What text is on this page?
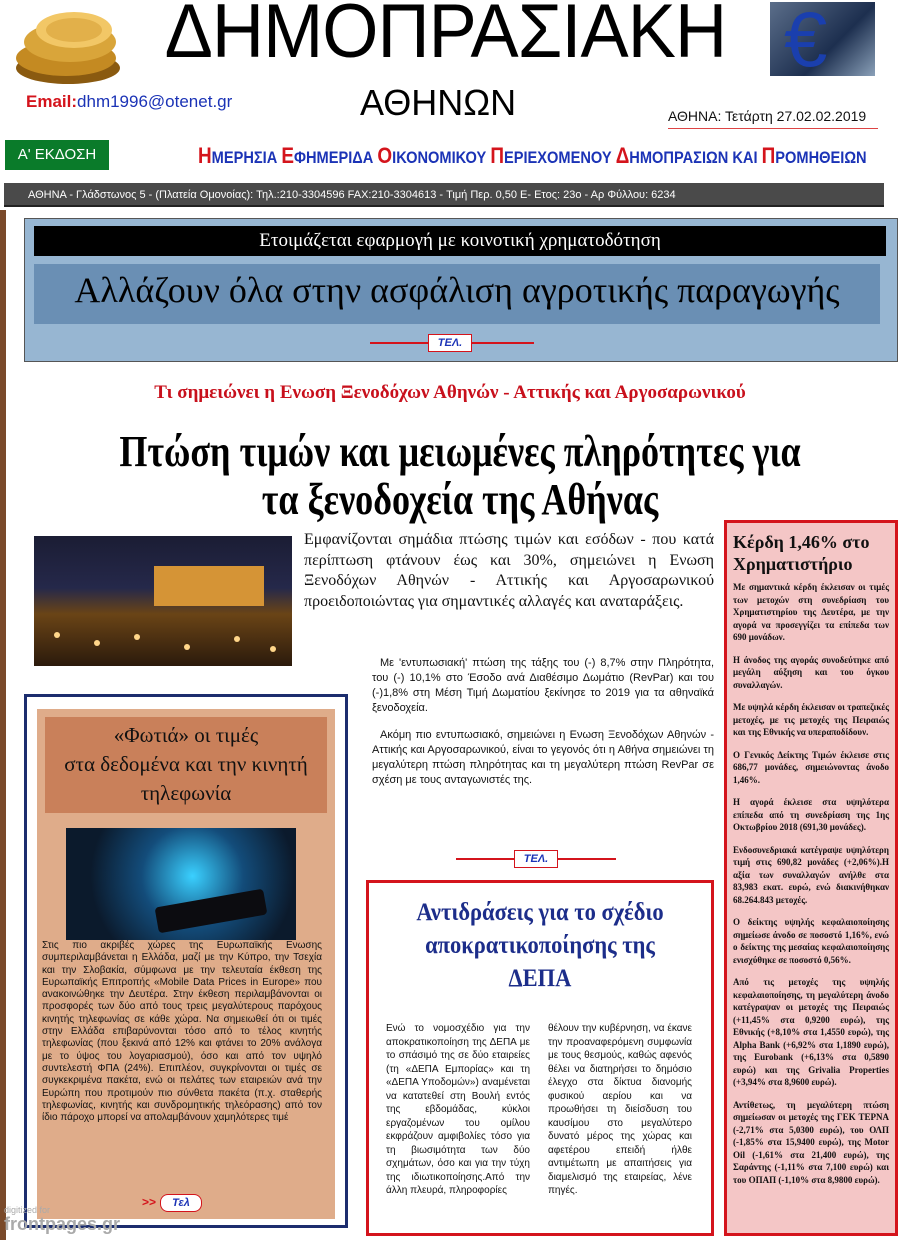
ΔΗΜΟΠΡΑΣΙΑΚΗ
ΑΘΗΝΩΝ
€
Email:dhm1996@otenet.gr
ΑΘΗΝΑ: Τετάρτη 27.02.02.2019
Α' ΕΚΔΟΣΗ	ΗΜΕΡΗΣΙΑ ΕΦΗΜΕΡΙΔΑ ΟΙΚΟΝΟΜΙΚΟΥ ΠΕΡΙΕΧΟΜΕΝΟΥ ΔΗΜΟΠΡΑΣΙΩΝ ΚΑΙ ΠΡΟΜΗΘΕΙΩΝ
ΑΘΗΝΑ - Γλάδστωνος 5 - (Πλατεία Ομονοίας): Τηλ.:210-3304596 FAX:210-3304613 - Τιμή Περ. 0,50 Ε- Ετος: 23ο - Αρ Φύλλου: 6234
Ετοιμάζεται εφαρμογή με κοινοτική χρηματοδότηση
Αλλάζουν όλα στην ασφάλιση αγροτικής παραγωγής
ΤΕΛ.
Τι σημειώνει η Ενωση Ξενοδόχων Αθηνών - Αττικής και Αργοσαρωνικού
Πτώση τιμών και μειωμένες πληρότητες για τα ξενοδοχεία της Αθήνας
Εμφανίζονται σημάδια πτώσης τιμών και εσόδων - που κατά περίπτωση φτάνουν έως και 30%, σημειώνει η Ενωση Ξενοδόχων Αθηνών - Αττικής και Αργοσαρωνικού προειδοποιώντας για σημαντικές αλλαγές και αναταράξεις.

Με 'εντυπωσιακή' πτώση της τάξης του (-) 8,7% στην Πληρότητα, του (-) 10,1% στο Έσοδο ανά Διαθέσιμο Δωμάτιο (RevPar) και του (-)1,8% στη Μέση Τιμή Δωματίου ξεκίνησε το 2019 για τα αθηναϊκά ξενοδοχεία.

Ακόμη πιο εντυπωσιακό, σημειώνει η Ενωση Ξενοδόχων Αθηνών - Αττικής και Αργοσαρωνικού, είναι το γεγονός ότι η Αθήνα σημειώνει τη μεγαλύτερη πτώση πληρότητας και τη μεγαλύτερη πτώση RevPar σε σχέση με τους ανταγωνιστές της.

ΤΕΛ.
Κέρδη 1,46% στο Χρηματιστήριο

Με σημαντικά κέρδη έκλεισαν οι τιμές των μετοχών στη συνεδρίαση του Χρηματιστηρίου της Δευτέρα, με την αγορά να προσεγγίζει τα επίπεδα των 690 μονάδων.

Η άνοδος της αγοράς συνοδεύτηκε από μεγάλη αύξηση και του όγκου συναλλαγών.

Με υψηλά κέρδη έκλεισαν οι τραπεζικές μετοχές, με τις μετοχές της Πειραιώς και της Εθνικής να υπεραποδίδουν.

Ο Γενικός Δείκτης Τιμών έκλεισε στις 686,77 μονάδες, σημειώνοντας άνοδο 1,46%.

Η αγορά έκλεισε στα υψηλότερα επίπεδα από τη συνεδρίαση της 1ης Οκτωβρίου 2018 (691,30 μονάδες).

Ενδοσυνεδριακά κατέγραψε υψηλότερη τιμή στις 690,82 μονάδες (+2,06%).Η αξία των συναλλαγών ανήλθε στα 83,983 εκατ. ευρώ, ενώ διακινήθηκαν 68.264.843 μετοχές.

Ο δείκτης υψηλής κεφαλαιοποίησης σημείωσε άνοδο σε ποσοστό 1,16%, ενώ ο δείκτης της μεσαίας κεφαλαιοποίησης ενισχύθηκε σε ποσοστό 0,56%.

Από τις μετοχές της υψηλής κεφαλαιοποίησης, τη μεγαλύτερη άνοδο κατέγραψαν οι μετοχές της Πειραιώς (+11,45% στα 0,9200 ευρώ), της Εθνικής (+8,10% στα 1,4550 ευρώ), της Alpha Bank (+6,92% στα 1,1890 ευρώ), της Eurobank (+6,13% στα 0,5890 ευρώ) και της Grivalia Properties (+3,94% στα 8,9600 ευρώ).

Αντίθετως, τη μεγαλύτερη πτώση σημείωσαν οι μετοχές της ΓΕΚ ΤΕΡΝΑ (-2,71% στα 5,0300 ευρώ), του ΟΛΠ (-1,85% στα 15,9400 ευρώ), της Motor Oil (-1,61% στα 21,400 ευρώ), της Σαράντης (-1,11% στα 7,100 ευρώ) και του ΟΠΑΠ (-1,10% στα 8,9800 ευρώ).

«Φωτιά» οι τιμές
στα δεδομένα και την κινητή
τηλεφωνία
Στις πιο ακριβές χώρες της Ευρωπαϊκής Ενωσης συμπεριλαμβάνεται η Ελλάδα, μαζί με την Κύπρο, την Τσεχία και την Σλοβακία, σύμφωνα με την τελευταία έκθεση της Ευρωπαϊκής Επιτροπής «Mobile Data Prices in Europe» που ανακοινώθηκε την Δευτέρα. Στην έκθεση περιλαμβάνονται οι προσφορές των δύο από τους τρεις μεγαλύτερους παρόχους κινητής τηλεφωνίας σε κάθε χώρα. Να σημειωθεί ότι οι τιμές στην Ελλάδα επιβαρύνονται τόσο από το τέλος κινητής τηλεφωνίας (που ξεκινά από 12% και φτάνει το 20% ανάλογα με το ύψος του λογαριασμού), όσο και από τον υψηλό συντελεστή ΦΠΑ (24%). Επιπλέον, συγκρίνονται οι τιμές σε συγκεκριμένα πακέτα, ενώ οι πελάτες των εταιρειών ανά την Ευρώπη που προτιμούν πιο σύνθετα πακέτα (π.χ. σταθερής τηλεφωνίας, κινητής και συνδρομητικής τηλεόρασης) από τον ίδιο πάροχο μπορεί να απολαμβάνουν χαμηλότερες τιμέ
>>	Τελ
Αντιδράσεις για το σχέδιο αποκρατικοποίησης της ΔΕΠΑ
Ενώ το νομοσχέδιο για την αποκρατικοποίηση της ΔΕΠΑ με το σπάσιμό της σε δύο εταιρείες (τη «ΔΕΠΑ Εμπορίας» και τη «ΔΕΠΑ Υποδομών») αναμένεται να κατατεθεί στη Βουλή εντός της εβδομάδας, κύκλοι εργαζομένων του ομίλου εκφράζουν αμφιβολίες τόσο για τη βιωσιμότητα των δύο σχημάτων, όσο και για την τύχη της ιδιωτικοποίησης.Από την άλλη πλευρά, πληροφορίες
θέλουν την κυβέρνηση, να έκανε την προαναφερόμενη συμφωνία με τους θεσμούς, καθώς αφενός θέλει να διατηρήσει το δημόσιο έλεγχο στα δίκτυα διανομής φυσικού αερίου και να προωθήσει τη διείσδυση του καυσίμου στο μεγαλύτερο δυνατό μέρος της χώρας και αφετέρου επειδή ήλθε αντιμέτωπη με απαιτήσεις για διαμελισμό της εταιρείας, λένε πηγές.
digitized for
frontpages.gr
